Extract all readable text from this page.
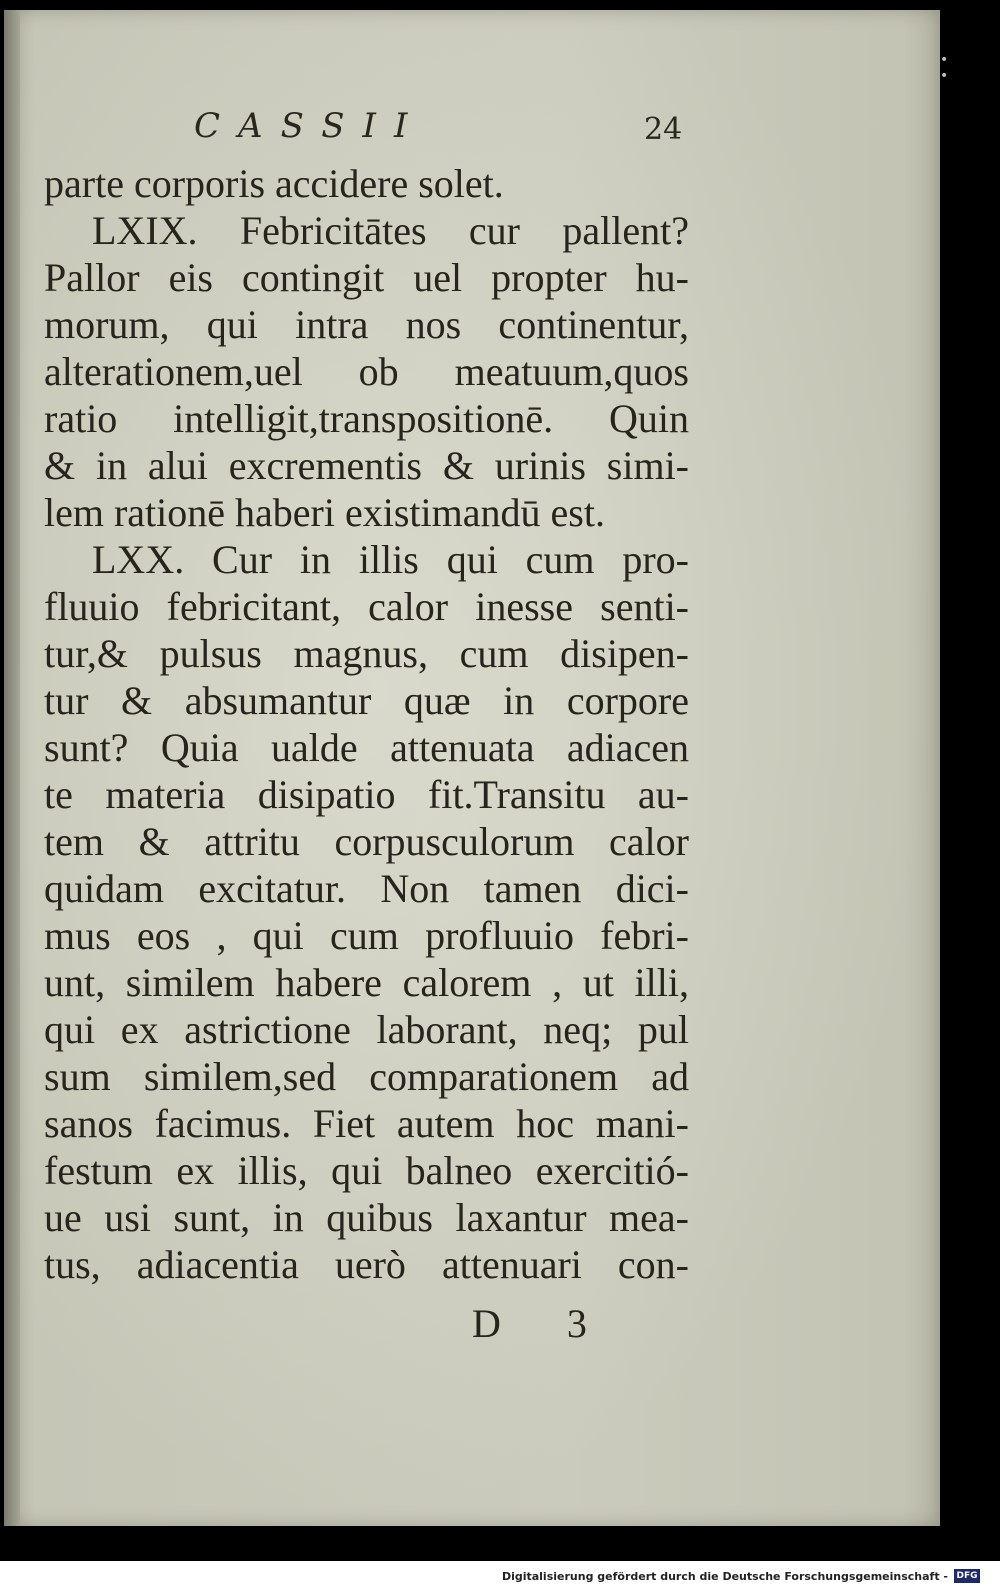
CASSII	24
parte corporis accidere solet.
LXIX. Febricitātes cur pallent?
Pallor eis contingit uel propter hu-
morum, qui intra nos continentur,
alterationem,uel ob meatuum,quos
ratio intelligit,transpositionē. Quin
& in alui excrementis & urinis simi-
lem rationē haberi existimandū est.
LXX. Cur in illis qui cum pro-
fluuio febricitant, calor inesse senti-
tur,& pulsus magnus, cum disipen-
tur & absumantur quæ in corpore
sunt? Quia ualde attenuata adiacen
te materia disipatio fit.Transitu au-
tem & attritu corpusculorum calor
quidam excitatur. Non tamen dici-
mus eos , qui cum profluuio febri-
unt, similem habere calorem , ut illi,
qui ex astrictione laborant, neq; pul
sum similem,sed comparationem ad
sanos facimus. Fiet autem hoc mani-
festum ex illis, qui balneo exercitió-
ue usi sunt, in quibus laxantur mea-
tus, adiacentia uerò attenuari con-
D 3
• •
Digitalisierung gefördert durch die Deutsche Forschungsgemeinschaft - DFG
